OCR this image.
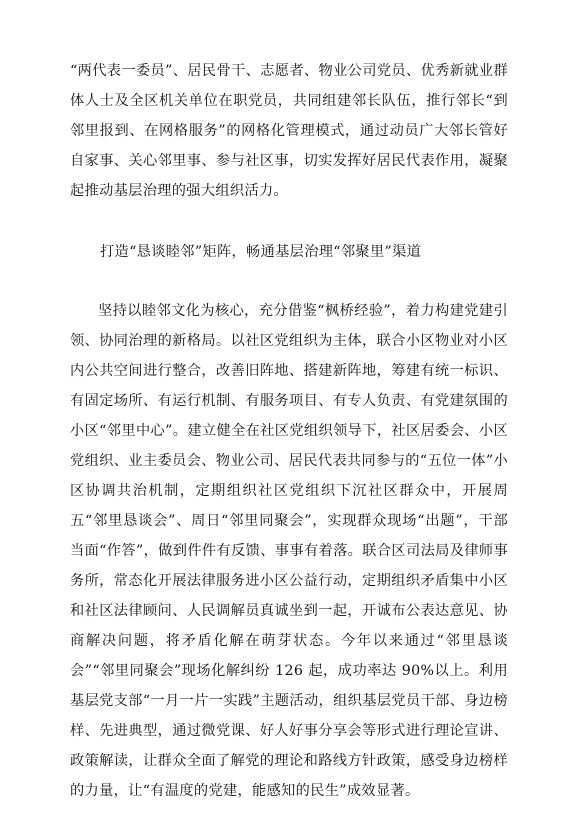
“两代表一委员”、居民骨干、志愿者、物业公司党员、优秀新就业群体人士及全区机关单位在职党员，共同组建邻长队伍，推行邻长“到邻里报到、在网格服务”的网格化管理模式，通过动员广大邻长管好自家事、关心邻里事、参与社区事，切实发挥好居民代表作用，凝聚起推动基层治理的强大组织活力。

打造“恳谈睦邻”矩阵，畅通基层治理“邻聚里”渠道

坚持以睦邻文化为核心，充分借鉴“枫桥经验”，着力构建党建引领、协同治理的新格局。以社区党组织为主体，联合小区物业对小区内公共空间进行整合，改善旧阵地、搭建新阵地，筹建有统一标识、有固定场所、有运行机制、有服务项目、有专人负责、有党建氛围的小区“邻里中心”。建立健全在社区党组织领导下，社区居委会、小区党组织、业主委员会、物业公司、居民代表共同参与的“五位一体”小区协调共治机制，定期组织社区党组织下沉社区群众中，开展周五“邻里恳谈会”、周日“邻里同聚会”，实现群众现场“出题”，干部当面“作答”，做到件件有反馈、事事有着落。联合区司法局及律师事务所，常态化开展法律服务进小区公益行动，定期组织矛盾集中小区和社区法律顾问、人民调解员真诚坐到一起，开诚布公表达意见、协商解决问题，将矛盾化解在萌芽状态。今年以来通过“邻里恳谈会”“邻里同聚会”现场化解纠纷 126 起，成功率达 90%以上。利用基层党支部“一月一片一实践”主题活动，组织基层党员干部、身边榜样、先进典型，通过微党课、好人好事分享会等形式进行理论宣讲、政策解读，让群众全面了解党的理论和路线方针政策，感受身边榜样的力量，让“有温度的党建，能感知的民生”成效显著。
